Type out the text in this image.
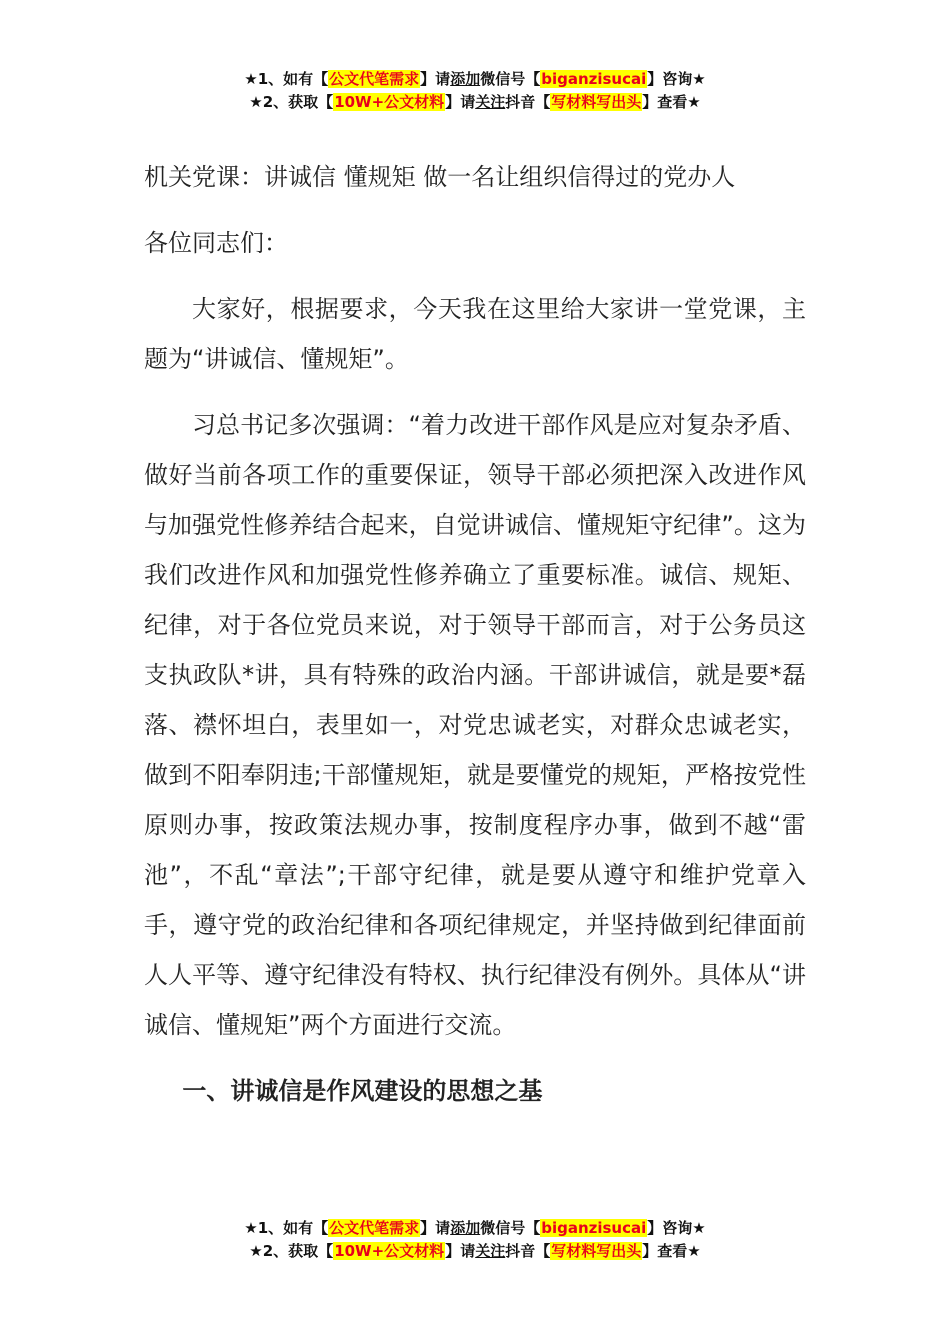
★1、如有【公文代笔需求】请添加微信号【biganzisucai】咨询★
★2、获取【10W+公文材料】请关注抖音【写材料写出头】查看★
机关党课：讲诚信 懂规矩 做一名让组织信得过的党办人
各位同志们：

大家好，根据要求，今天我在这里给大家讲一堂党课，主题为“讲诚信、懂规矩”。

习总书记多次强调：“着力改进干部作风是应对复杂矛盾、做好当前各项工作的重要保证，领导干部必须把深入改进作风与加强党性修养结合起来，自觉讲诚信、懂规矩守纪律”。这为我们改进作风和加强党性修养确立了重要标准。诚信、规矩、纪律，对于各位党员来说，对于领导干部而言，对于公务员这支执政队*讲，具有特殊的政治内涵。干部讲诚信，就是要*磊落、襟怀坦白，表里如一，对党忠诚老实，对群众忠诚老实，做到不阳奉阴违;干部懂规矩，就是要懂党的规矩，严格按党性原则办事，按政策法规办事，按制度程序办事，做到不越“雷池”，不乱“章法”;干部守纪律，就是要从遵守和维护党章入手，遵守党的政治纪律和各项纪律规定，并坚持做到纪律面前人人平等、遵守纪律没有特权、执行纪律没有例外。具体从“讲诚信、懂规矩”两个方面进行交流。

一、讲诚信是作风建设的思想之基
★1、如有【公文代笔需求】请添加微信号【biganzisucai】咨询★
★2、获取【10W+公文材料】请关注抖音【写材料写出头】查看★
